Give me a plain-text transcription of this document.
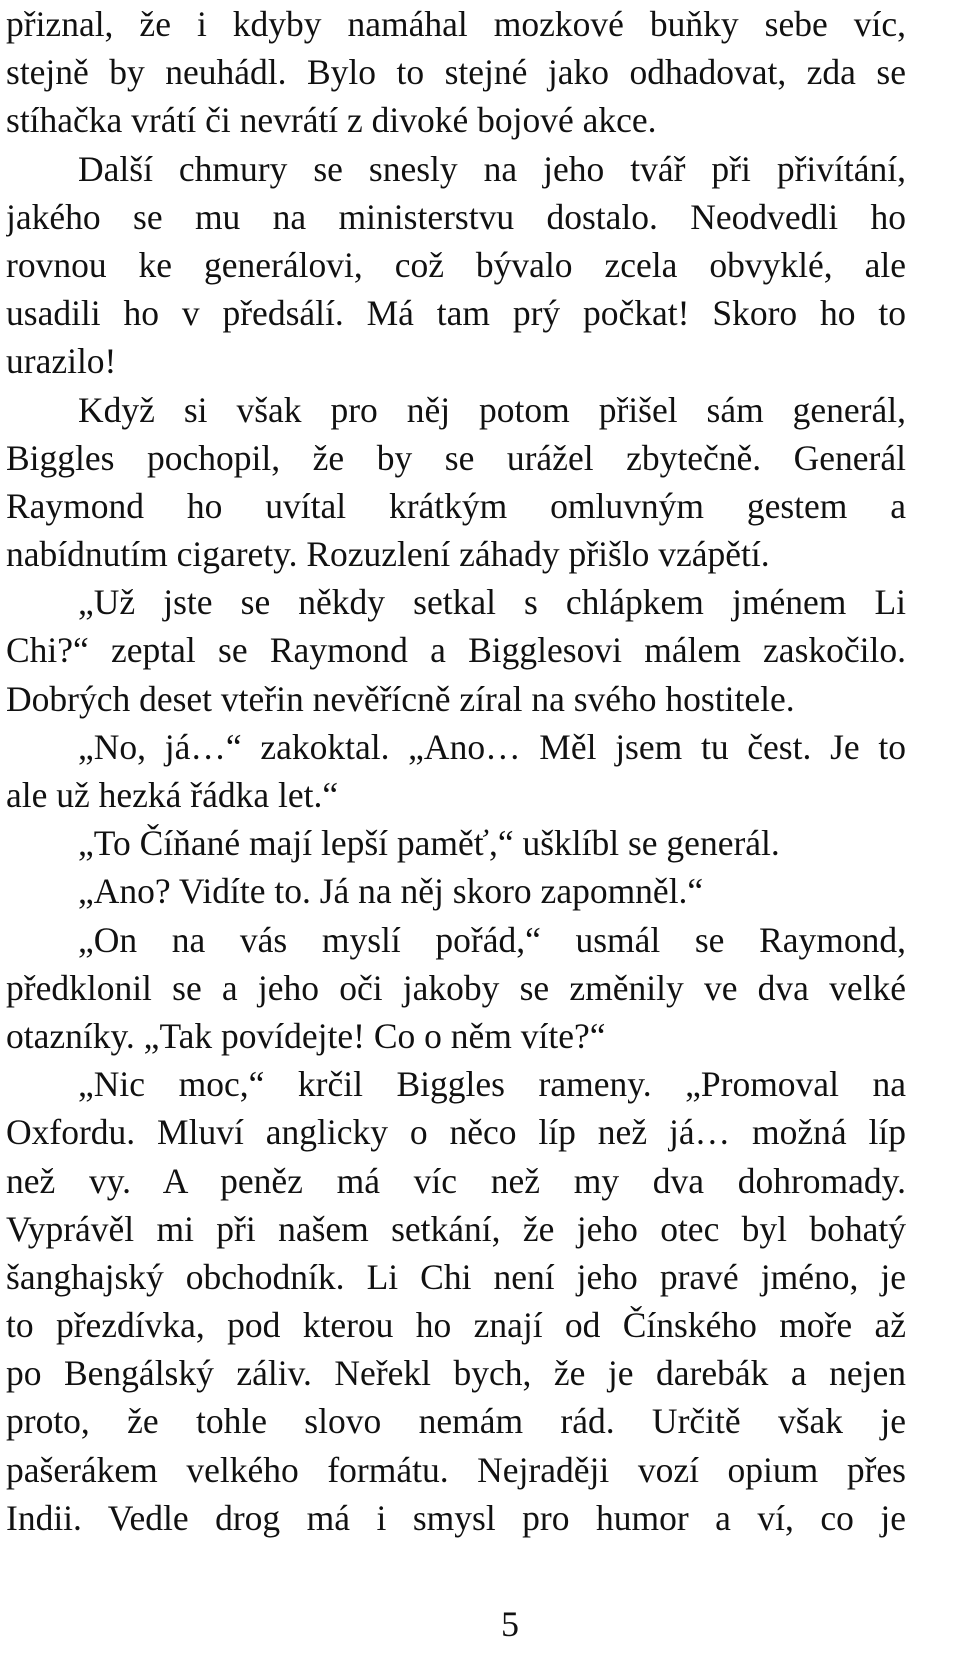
přiznal, že i kdyby namáhal mozkové buňky sebe víc,
stejně by neuhádl. Bylo to stejné jako odhadovat, zda se
stíhačka vrátí či nevrátí z divoké bojové akce.
Další chmury se snesly na jeho tvář při přivítání,
jakého se mu na ministerstvu dostalo. Neodvedli ho
rovnou ke generálovi, což bývalo zcela obvyklé, ale
usadili ho v předsálí. Má tam prý počkat! Skoro ho to
urazilo!
Když si však pro něj potom přišel sám generál,
Biggles pochopil, že by se urážel zbytečně. Generál
Raymond ho uvítal krátkým omluvným gestem a
nabídnutím cigarety. Rozuzlení záhady přišlo vzápětí.
„Už jste se někdy setkal s chlápkem jménem Li
Chi?“ zeptal se Raymond a Bigglesovi málem zaskočilo.
Dobrých deset vteřin nevěřícně zíral na svého hostitele.
„No, já…“ zakoktal. „Ano… Měl jsem tu čest. Je to
ale už hezká řádka let.“
„To Číňané mají lepší paměť,“ ušklíbl se generál.
„Ano? Vidíte to. Já na něj skoro zapomněl.“
„On na vás myslí pořád,“ usmál se Raymond,
předklonil se a jeho oči jakoby se změnily ve dva velké
otazníky. „Tak povídejte! Co o něm víte?“
„Nic moc,“ krčil Biggles rameny. „Promoval na
Oxfordu. Mluví anglicky o něco líp než já… možná líp
než vy. A peněz má víc než my dva dohromady.
Vyprávěl mi při našem setkání, že jeho otec byl bohatý
šanghajský obchodník. Li Chi není jeho pravé jméno, je
to přezdívka, pod kterou ho znají od Čínského moře až
po Bengálský záliv. Neřekl bych, že je darebák a nejen
proto, že tohle slovo nemám rád. Určitě však je
pašerákem velkého formátu. Nejraději vozí opium přes
Indii. Vedle drog má i smysl pro humor a ví, co je
5
